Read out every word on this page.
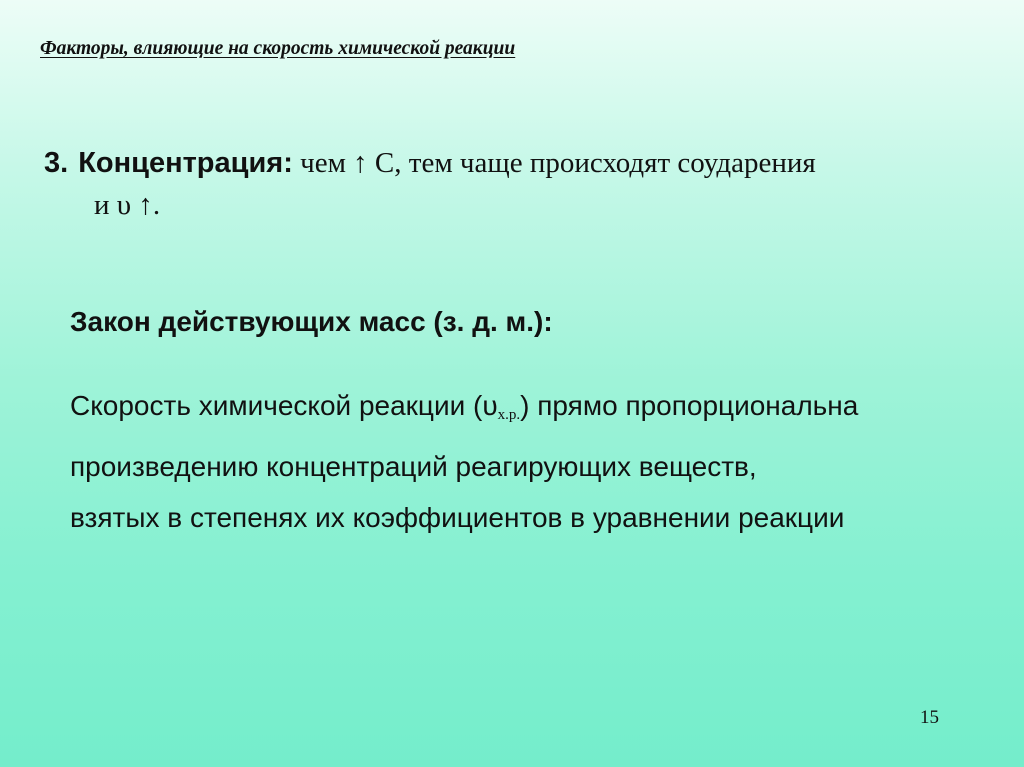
Факторы, влияющие на скорость химической реакции
3. Концентрация: чем ↑ С, тем чаще происходят соударения
и υ ↑.
Закон действующих масс (з. д. м.):
Скорость химической реакции $(\upsilon_{х.р.})$ прямо пропорциональна
произведению концентраций реагирующих веществ,
взятых в степенях их коэффициентов в уравнении реакции
15
